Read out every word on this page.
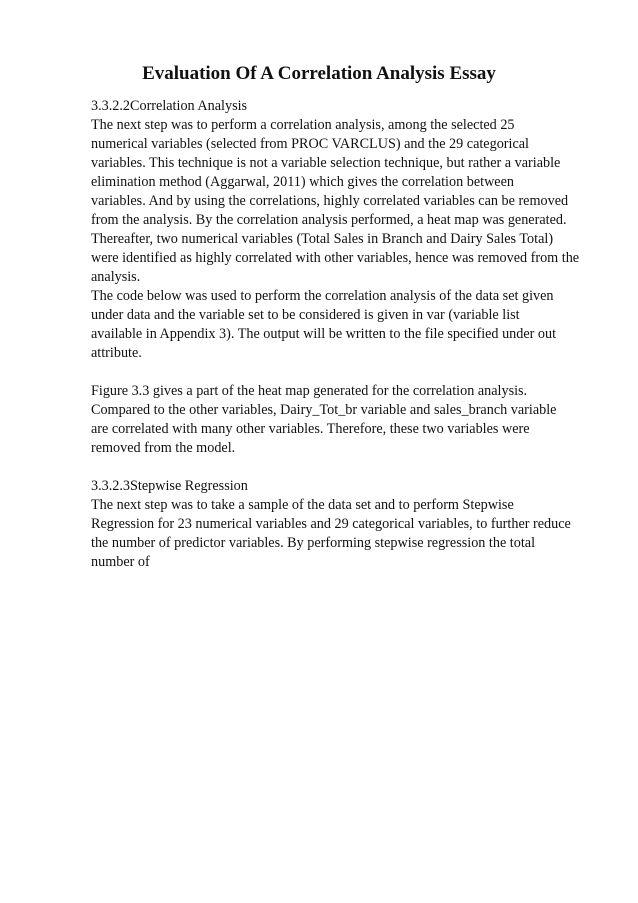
Evaluation Of A Correlation Analysis Essay
3.3.2.2Correlation Analysis
The next step was to perform a correlation analysis, among the selected 25
numerical variables (selected from PROC VARCLUS) and the 29 categorical
variables. This technique is not a variable selection technique, but rather a variable
elimination method (Aggarwal, 2011) which gives the correlation between
variables. And by using the correlations, highly correlated variables can be removed
from the analysis. By the correlation analysis performed, a heat map was generated.
Thereafter, two numerical variables (Total Sales in Branch and Dairy Sales Total)
were identified as highly correlated with other variables, hence was removed from the
analysis.
The code below was used to perform the correlation analysis of the data set given
under data and the variable set to be considered is given in var (variable list
available in Appendix 3). The output will be written to the file specified under out
attribute.
Figure 3.3 gives a part of the heat map generated for the correlation analysis.
Compared to the other variables, Dairy_Tot_br variable and sales_branch variable
are correlated with many other variables. Therefore, these two variables were
removed from the model.
3.3.2.3Stepwise Regression
The next step was to take a sample of the data set and to perform Stepwise
Regression for 23 numerical variables and 29 categorical variables, to further reduce
the number of predictor variables. By performing stepwise regression the total
number of
